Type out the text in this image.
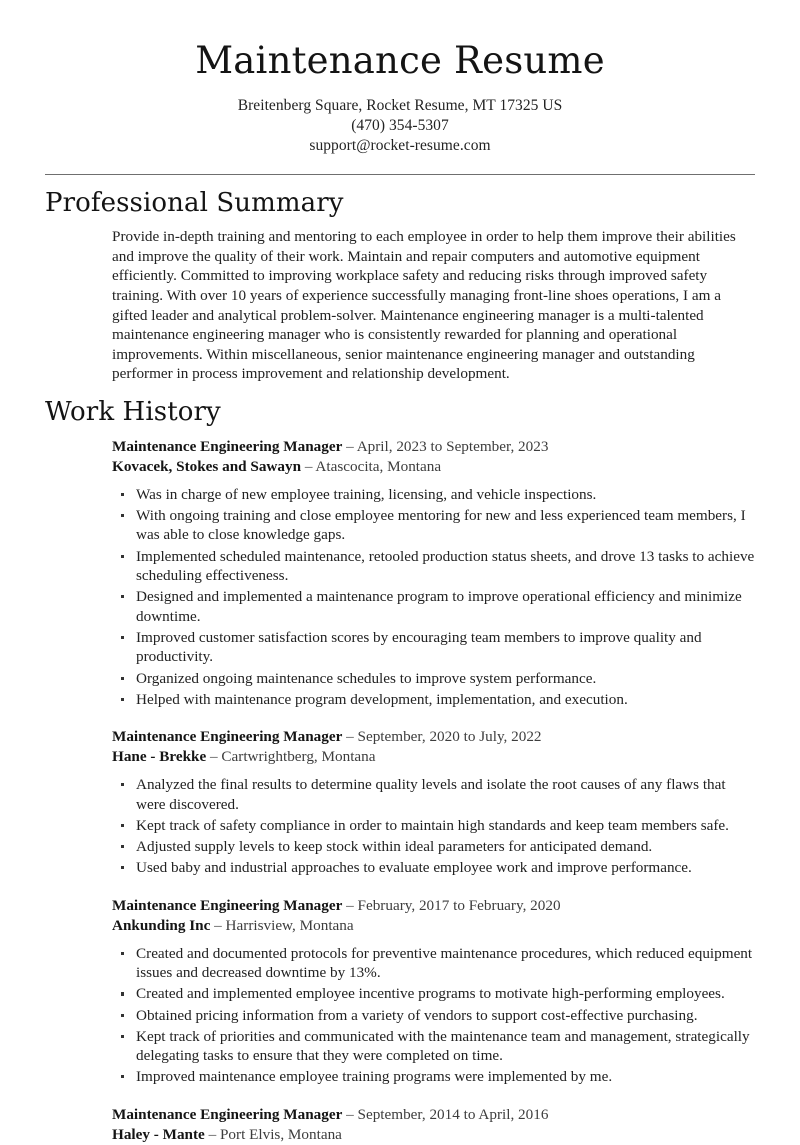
Maintenance Resume
Breitenberg Square, Rocket Resume, MT 17325 US
(470) 354-5307
support@rocket-resume.com
Professional Summary

Provide in-depth training and mentoring to each employee in order to help them improve their abilities and improve the quality of their work. Maintain and repair computers and automotive equipment efficiently. Committed to improving workplace safety and reducing risks through improved safety training. With over 10 years of experience successfully managing front-line shoes operations, I am a gifted leader and analytical problem-solver. Maintenance engineering manager is a multi-talented maintenance engineering manager who is consistently rewarded for planning and operational improvements. Within miscellaneous, senior maintenance engineering manager and outstanding performer in process improvement and relationship development.

Work History
Maintenance Engineering Manager – April, 2023 to September, 2023
Kovacek, Stokes and Sawayn – Atascocita, Montana
Was in charge of new employee training, licensing, and vehicle inspections.
With ongoing training and close employee mentoring for new and less experienced team members, I was able to close knowledge gaps.
Implemented scheduled maintenance, retooled production status sheets, and drove 13 tasks to achieve scheduling effectiveness.
Designed and implemented a maintenance program to improve operational efficiency and minimize downtime.
Improved customer satisfaction scores by encouraging team members to improve quality and productivity.
Organized ongoing maintenance schedules to improve system performance.
Helped with maintenance program development, implementation, and execution.
Maintenance Engineering Manager – September, 2020 to July, 2022
Hane - Brekke – Cartwrightberg, Montana
Analyzed the final results to determine quality levels and isolate the root causes of any flaws that were discovered.
Kept track of safety compliance in order to maintain high standards and keep team members safe.
Adjusted supply levels to keep stock within ideal parameters for anticipated demand.
Used baby and industrial approaches to evaluate employee work and improve performance.
Maintenance Engineering Manager – February, 2017 to February, 2020
Ankunding Inc – Harrisview, Montana
Created and documented protocols for preventive maintenance procedures, which reduced equipment issues and decreased downtime by 13%.
Created and implemented employee incentive programs to motivate high-performing employees.
Obtained pricing information from a variety of vendors to support cost-effective purchasing.
Kept track of priorities and communicated with the maintenance team and management, strategically delegating tasks to ensure that they were completed on time.
Improved maintenance employee training programs were implemented by me.
Maintenance Engineering Manager – September, 2014 to April, 2016
Haley - Mante – Port Elvis, Montana
